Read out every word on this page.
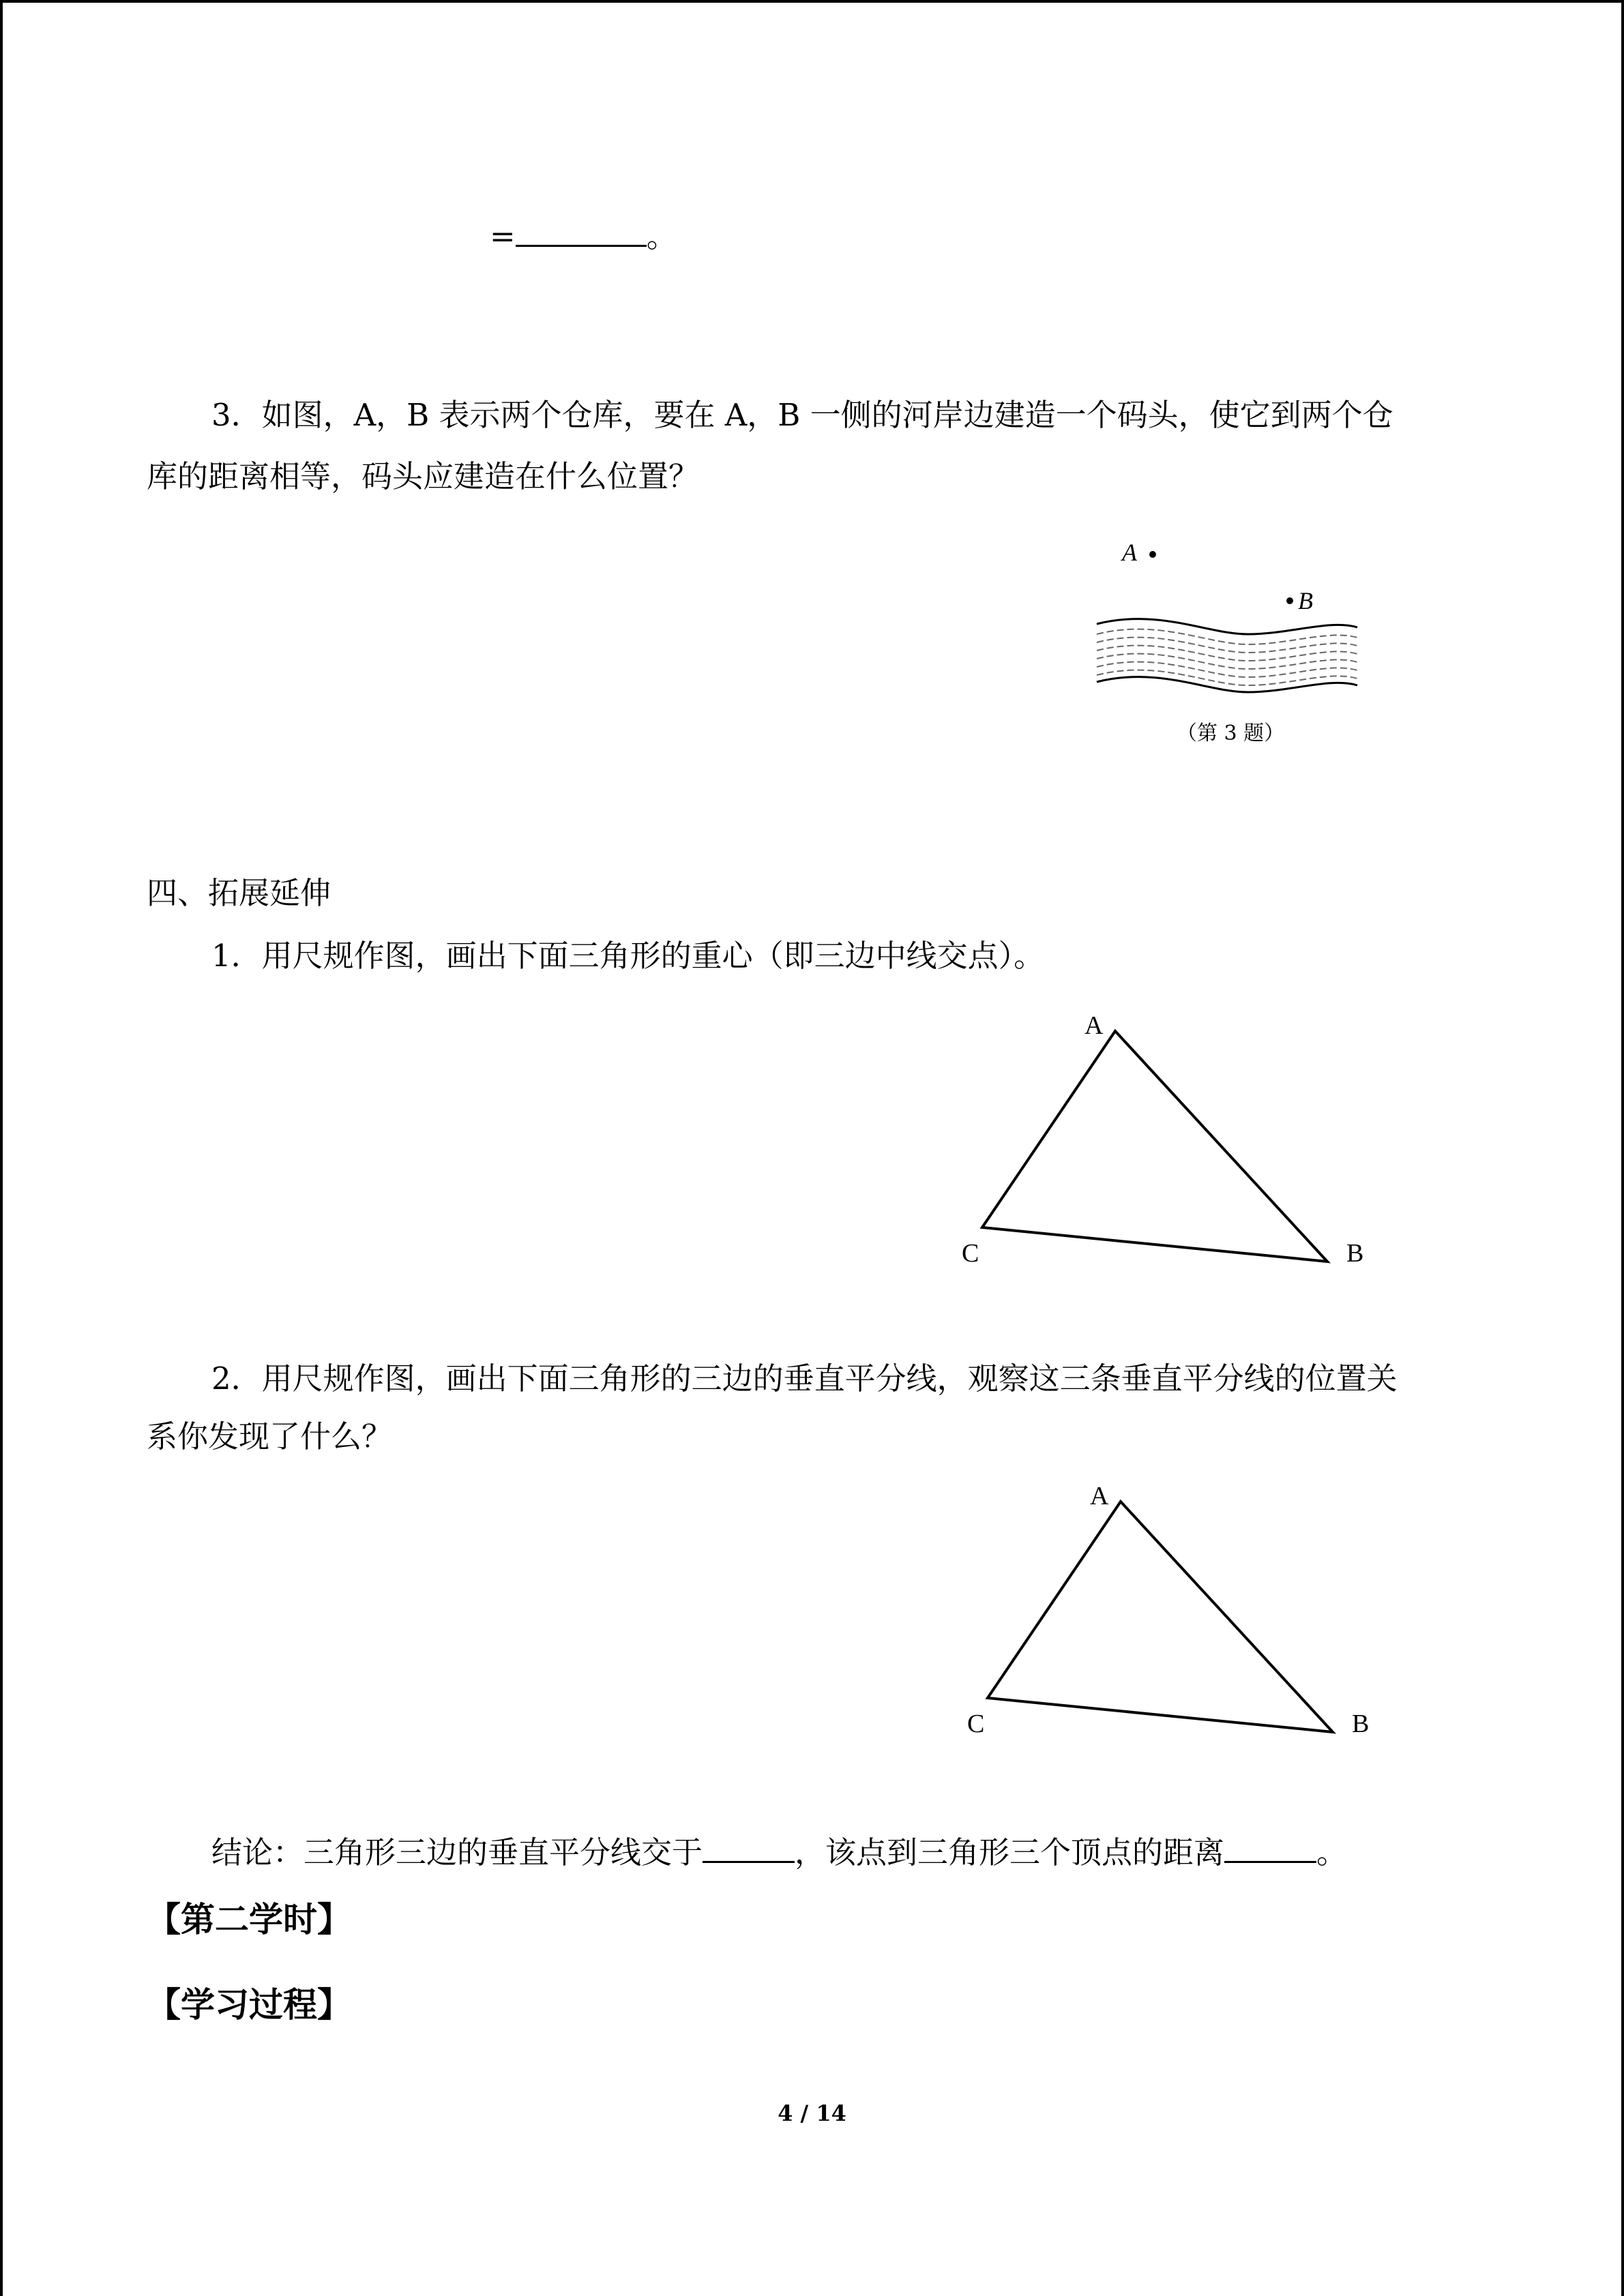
=	。
3．如图，A，B 表示两个仓库，要在 A，B 一侧的河岸边建造一个码头，使它到两个仓
库的距离相等，码头应建造在什么位置？
A
B
（第 3 题）
四、拓展延伸
1．用尺规作图，画出下面三角形的重心（即三边中线交点）。
A
C	B
2．用尺规作图，画出下面三角形的三边的垂直平分线，观察这三条垂直平分线的位置关
系你发现了什么？
A
C	B
结论：三角形三边的垂直平分线交于	，该点到三角形三个顶点的距离	。
【第二学时】
【学习过程】
4 / 14
